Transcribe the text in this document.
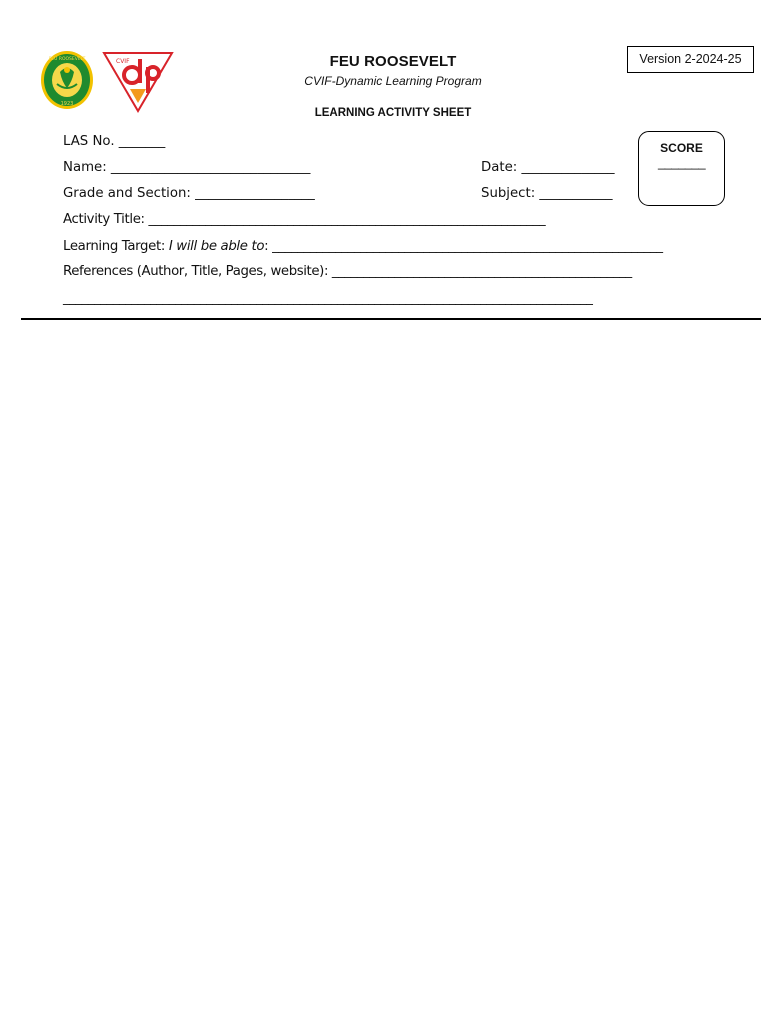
FEU ROOSEVELT
1923
CVIF	FEU ROOSEVELT
CVIF-Dynamic Learning Program
LEARNING ACTIVITY SHEET
Version 2-2024-25
SCORE
_______
LAS No. _______
Name: ______________________________	Date: ______________
Grade and Section: __________________	Subject: ___________
Activity Title: _______________________________________________________________
Learning Target: I will be able to: ______________________________________________________________
References (Author, Title, Pages, website): ________________________________________________
_____________________________________________________________________________________
